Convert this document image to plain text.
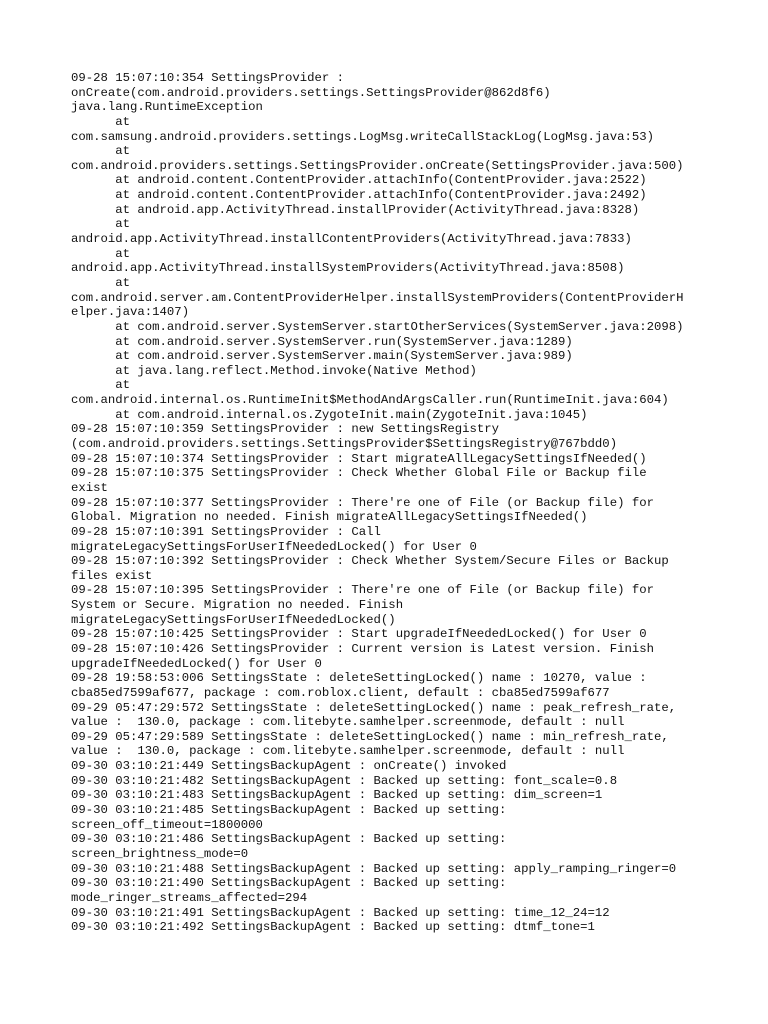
09-28 15:07:10:354 SettingsProvider :
onCreate(com.android.providers.settings.SettingsProvider@862d8f6)
java.lang.RuntimeException
at
com.samsung.android.providers.settings.LogMsg.writeCallStackLog(LogMsg.java:53)
at
com.android.providers.settings.SettingsProvider.onCreate(SettingsProvider.java:500)
at android.content.ContentProvider.attachInfo(ContentProvider.java:2522)
at android.content.ContentProvider.attachInfo(ContentProvider.java:2492)
at android.app.ActivityThread.installProvider(ActivityThread.java:8328)
at
android.app.ActivityThread.installContentProviders(ActivityThread.java:7833)
at
android.app.ActivityThread.installSystemProviders(ActivityThread.java:8508)
at
com.android.server.am.ContentProviderHelper.installSystemProviders(ContentProviderH
elper.java:1407)
at com.android.server.SystemServer.startOtherServices(SystemServer.java:2098)
at com.android.server.SystemServer.run(SystemServer.java:1289)
at com.android.server.SystemServer.main(SystemServer.java:989)
at java.lang.reflect.Method.invoke(Native Method)
at
com.android.internal.os.RuntimeInit$MethodAndArgsCaller.run(RuntimeInit.java:604)
at com.android.internal.os.ZygoteInit.main(ZygoteInit.java:1045)
09-28 15:07:10:359 SettingsProvider : new SettingsRegistry
(com.android.providers.settings.SettingsProvider$SettingsRegistry@767bdd0)
09-28 15:07:10:374 SettingsProvider : Start migrateAllLegacySettingsIfNeeded()
09-28 15:07:10:375 SettingsProvider : Check Whether Global File or Backup file
exist
09-28 15:07:10:377 SettingsProvider : There're one of File (or Backup file) for
Global. Migration no needed. Finish migrateAllLegacySettingsIfNeeded()
09-28 15:07:10:391 SettingsProvider : Call
migrateLegacySettingsForUserIfNeededLocked() for User 0
09-28 15:07:10:392 SettingsProvider : Check Whether System/Secure Files or Backup
files exist
09-28 15:07:10:395 SettingsProvider : There're one of File (or Backup file) for
System or Secure. Migration no needed. Finish
migrateLegacySettingsForUserIfNeededLocked()
09-28 15:07:10:425 SettingsProvider : Start upgradeIfNeededLocked() for User 0
09-28 15:07:10:426 SettingsProvider : Current version is Latest version. Finish
upgradeIfNeededLocked() for User 0
09-28 19:58:53:006 SettingsState : deleteSettingLocked() name : 10270, value :
cba85ed7599af677, package : com.roblox.client, default : cba85ed7599af677
09-29 05:47:29:572 SettingsState : deleteSettingLocked() name : peak_refresh_rate,
value :  130.0, package : com.litebyte.samhelper.screenmode, default : null
09-29 05:47:29:589 SettingsState : deleteSettingLocked() name : min_refresh_rate,
value :  130.0, package : com.litebyte.samhelper.screenmode, default : null
09-30 03:10:21:449 SettingsBackupAgent : onCreate() invoked
09-30 03:10:21:482 SettingsBackupAgent : Backed up setting: font_scale=0.8
09-30 03:10:21:483 SettingsBackupAgent : Backed up setting: dim_screen=1
09-30 03:10:21:485 SettingsBackupAgent : Backed up setting:
screen_off_timeout=1800000
09-30 03:10:21:486 SettingsBackupAgent : Backed up setting:
screen_brightness_mode=0
09-30 03:10:21:488 SettingsBackupAgent : Backed up setting: apply_ramping_ringer=0
09-30 03:10:21:490 SettingsBackupAgent : Backed up setting:
mode_ringer_streams_affected=294
09-30 03:10:21:491 SettingsBackupAgent : Backed up setting: time_12_24=12
09-30 03:10:21:492 SettingsBackupAgent : Backed up setting: dtmf_tone=1
